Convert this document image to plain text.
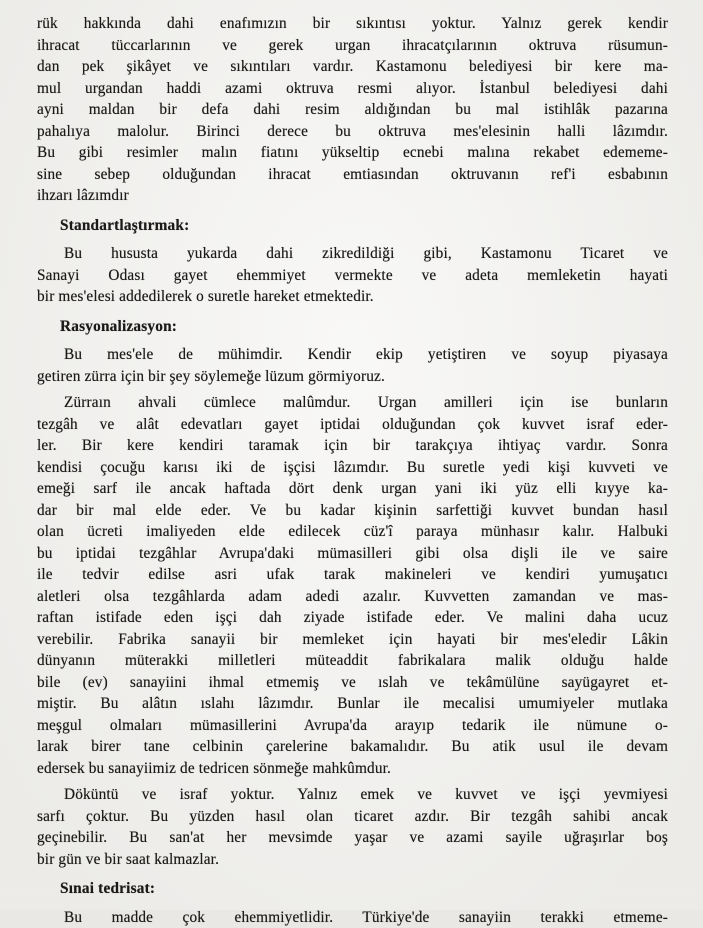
rük hakkında dahi enafımızın bir sıkıntısı yoktur. Yalnız gerek kendir
ihracat tüccarlarının ve gerek urgan ihracatçılarının oktruva rüsumun-
dan pek şikâyet ve sıkıntıları vardır. Kastamonu belediyesi bir kere ma-
mul urgandan haddi azami oktruva resmi alıyor. İstanbul belediyesi dahi
ayni maldan bir defa dahi resim aldığından bu mal istihlâk pazarına
pahalıya malolur. Birinci derece bu oktruva mes'elesinin halli lâzımdır.
Bu gibi resimler malın fiatını yükseltip ecnebi malına rekabet edememe-
sine sebep olduğundan ihracat emtiasından oktruvanın ref'i esbabının
ihzarı lâzımdır
Standartlaştırmak:
Bu hususta yukarda dahi zikredildiği gibi, Kastamonu Ticaret ve
Sanayi Odası gayet ehemmiyet vermekte ve adeta memleketin hayati
bir mes'elesi addedilerek o suretle hareket etmektedir.
Rasyonalizasyon:
Bu mes'ele de mühimdir. Kendir ekip yetiştiren ve soyup piyasaya
getiren zürra için bir şey söylemeğe lüzum görmiyoruz.
Zürraın ahvali cümlece malûmdur. Urgan amilleri için ise bunların
tezgâh ve alât edevatları gayet iptidai olduğundan çok kuvvet israf eder-
ler. Bir kere kendiri taramak için bir tarakçıya ihtiyaç vardır. Sonra
kendisi çocuğu karısı iki de işçisi lâzımdır. Bu suretle yedi kişi kuvveti ve
emeği sarf ile ancak haftada dört denk urgan yani iki yüz elli kıyye ka-
dar bir mal elde eder. Ve bu kadar kişinin sarfettiği kuvvet bundan hasıl
olan ücreti imaliyeden elde edilecek cüz'î paraya münhasır kalır. Halbuki
bu iptidai tezgâhlar Avrupa'daki mümasilleri gibi olsa dişli ile ve saire
ile tedvir edilse asri ufak tarak makineleri ve kendiri yumuşatıcı
aletleri olsa tezgâhlarda adam adedi azalır. Kuvvetten zamandan ve mas-
raftan istifade eden işçi dah ziyade istifade eder. Ve malini daha ucuz
verebilir. Fabrika sanayii bir memleket için hayati bir mes'eledir Lâkin
dünyanın müterakki milletleri müteaddit fabrikalara malik olduğu halde
bile (ev) sanayiini ihmal etmemiş ve ıslah ve tekâmülüne sayügayret et-
miştir. Bu alâtın ıslahı lâzımdır. Bunlar ile mecalisi umumiyeler mutlaka
meşgul olmaları mümasillerini Avrupa'da arayıp tedarik ile nümune o-
larak birer tane celbinin çarelerine bakamalıdır. Bu atik usul ile devam
edersek bu sanayiimiz de tedricen sönmeğe mahkûmdur.
Döküntü ve israf yoktur. Yalnız emek ve kuvvet ve işçi yevmiyesi
sarfı çoktur. Bu yüzden hasıl olan ticaret azdır. Bir tezgâh sahibi ancak
geçinebilir. Bu san'at her mevsimde yaşar ve azami sayile uğraşırlar boş
bir gün ve bir saat kalmazlar.
Sınai tedrisat:
Bu madde çok ehemmiyetlidir. Türkiye'de sanayiin terakki etmeme-
